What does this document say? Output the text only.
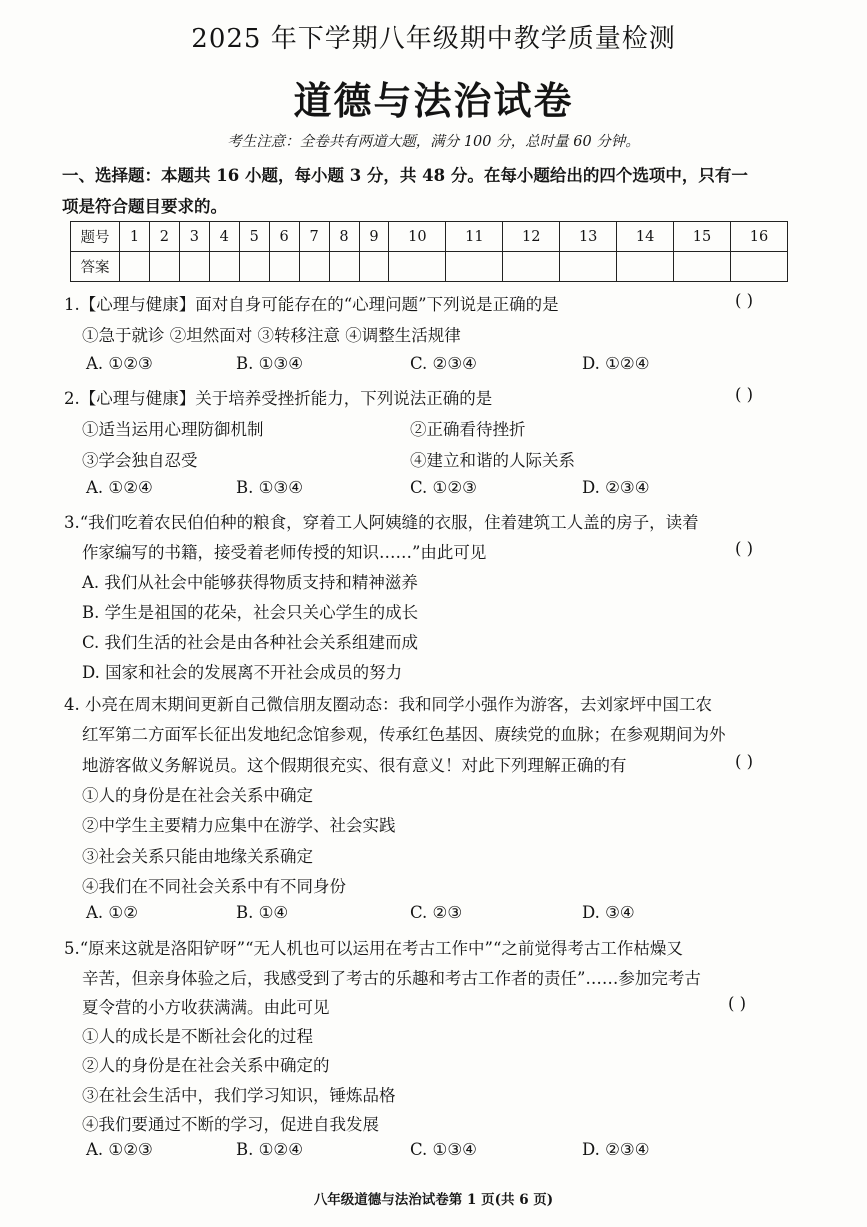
2025 年下学期八年级期中教学质量检测
道德与法治试卷
考生注意：全卷共有两道大题，满分 100 分，总时量 60 分钟。
一、选择题：本题共 16 小题，每小题 3 分，共 48 分。在每小题给出的四个选项中，只有一
项是符合题目要求的。
题号	1	2	3	4	5	6	7	8	9	10	11	12	13	14	15	16
答案																
1.【心理与健康】面对自身可能存在的“心理问题”下列说是正确的是	( )
①急于就诊 ②坦然面对 ③转移注意 ④调整生活规律
A. ①②③	B. ①③④	C. ②③④	D. ①②④
2.【心理与健康】关于培养受挫折能力，下列说法正确的是	( )
①适当运用心理防御机制	②正确看待挫折
③学会独自忍受	④建立和谐的人际关系
A. ①②④	B. ①③④	C. ①②③	D. ②③④
3.“我们吃着农民伯伯种的粮食，穿着工人阿姨缝的衣服，住着建筑工人盖的房子，读着
作家编写的书籍，接受着老师传授的知识……”由此可见	( )
A. 我们从社会中能够获得物质支持和精神滋养
B. 学生是祖国的花朵，社会只关心学生的成长
C. 我们生活的社会是由各种社会关系组建而成
D. 国家和社会的发展离不开社会成员的努力
4. 小亮在周末期间更新自己微信朋友圈动态：我和同学小强作为游客，去刘家坪中国工农
红军第二方面军长征出发地纪念馆参观，传承红色基因、赓续党的血脉；在参观期间为外
地游客做义务解说员。这个假期很充实、很有意义！对此下列理解正确的有	( )
①人的身份是在社会关系中确定
②中学生主要精力应集中在游学、社会实践
③社会关系只能由地缘关系确定
④我们在不同社会关系中有不同身份
A. ①②	B. ①④	C. ②③	D. ③④
5.“原来这就是洛阳铲呀”“无人机也可以运用在考古工作中”“之前觉得考古工作枯燥又
辛苦，但亲身体验之后，我感受到了考古的乐趣和考古工作者的责任”……参加完考古
夏令营的小方收获满满。由此可见	( )
①人的成长是不断社会化的过程
②人的身份是在社会关系中确定的
③在社会生活中，我们学习知识，锤炼品格
④我们要通过不断的学习，促进自我发展
A. ①②③	B. ①②④	C. ①③④	D. ②③④
八年级道德与法治试卷第 1 页(共 6 页)
